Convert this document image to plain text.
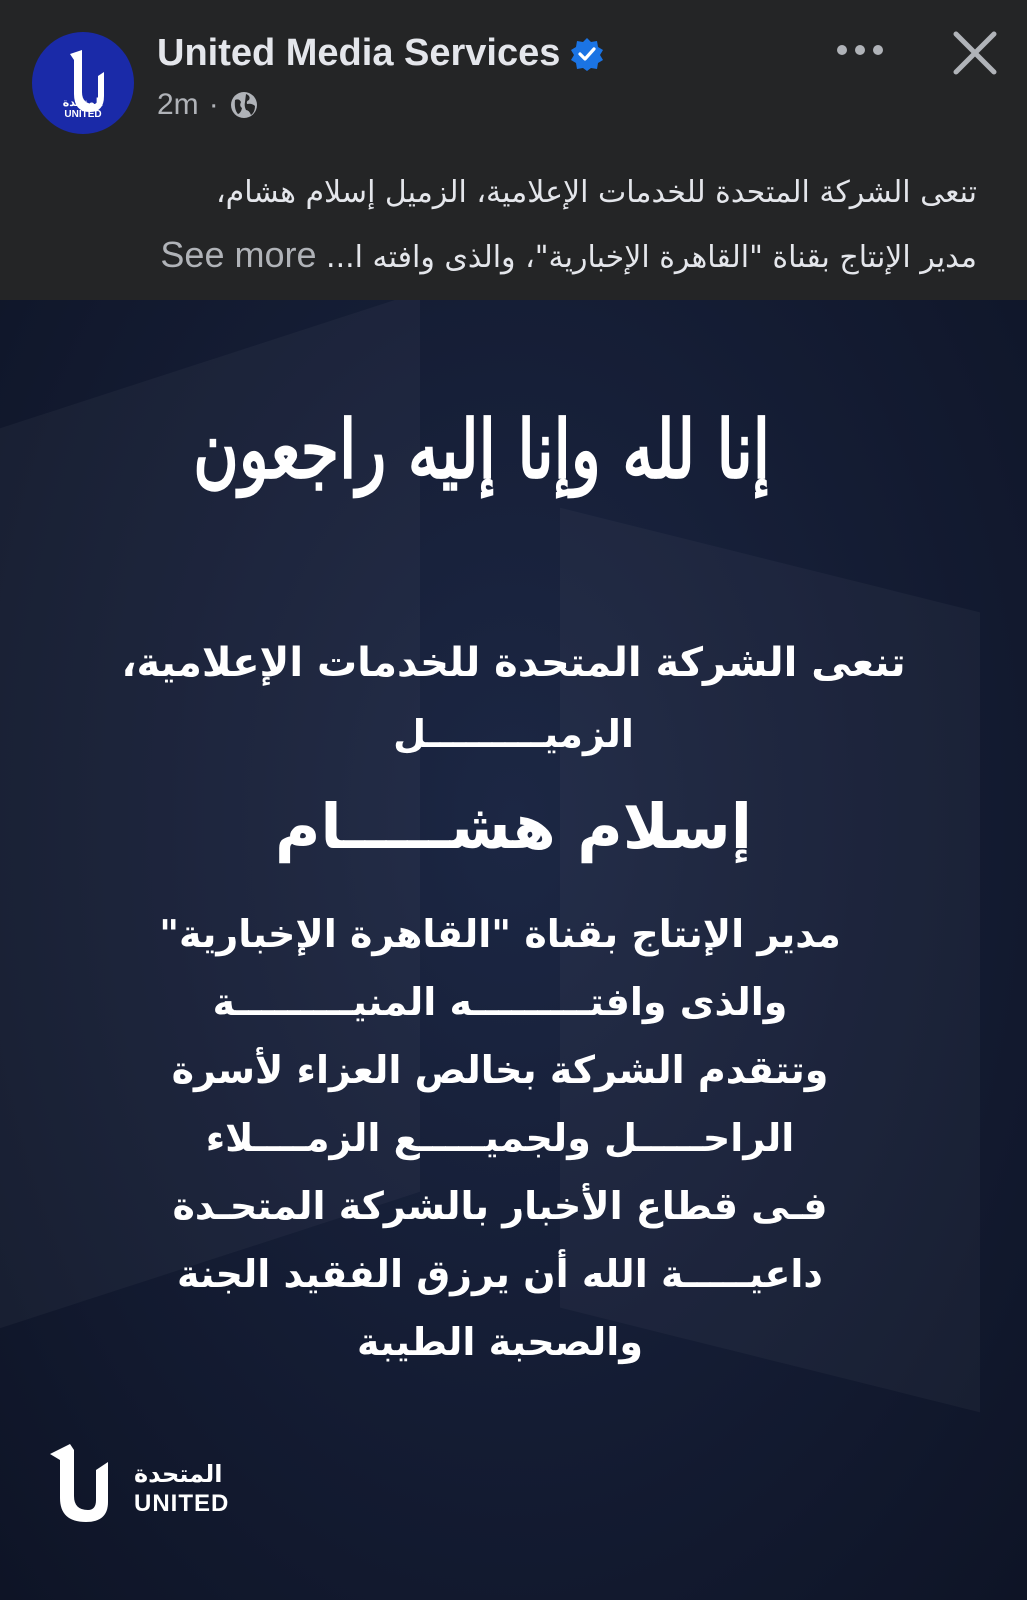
المتحدة
UNITED
United Media Services
2m ·
تنعى الشركة المتحدة للخدمات الإعلامية، الزميل إسلام هشام،
مدير الإنتاج بقناة "القاهرة الإخبارية"، والذى وافته ا... See more
إنا لله وإنا إليه راجعون
تنعى الشركة المتحدة للخدمات الإعلامية،
الزميـــــــــل
إسلام هشـــــام
مدير الإنتاج بقناة "القاهرة الإخبارية"
والذى وافتـــــــــه المنيـــــــــة
وتتقدم الشركة بخالص العزاء لأسرة
الراحـــــل ولجميـــــع الزمــــلاء
فـى قطاع الأخبار بالشركة المتحـدة
داعيـــــة الله أن يرزق الفقيد الجنة
والصحبة الطيبة
المتحدة
UNITED
